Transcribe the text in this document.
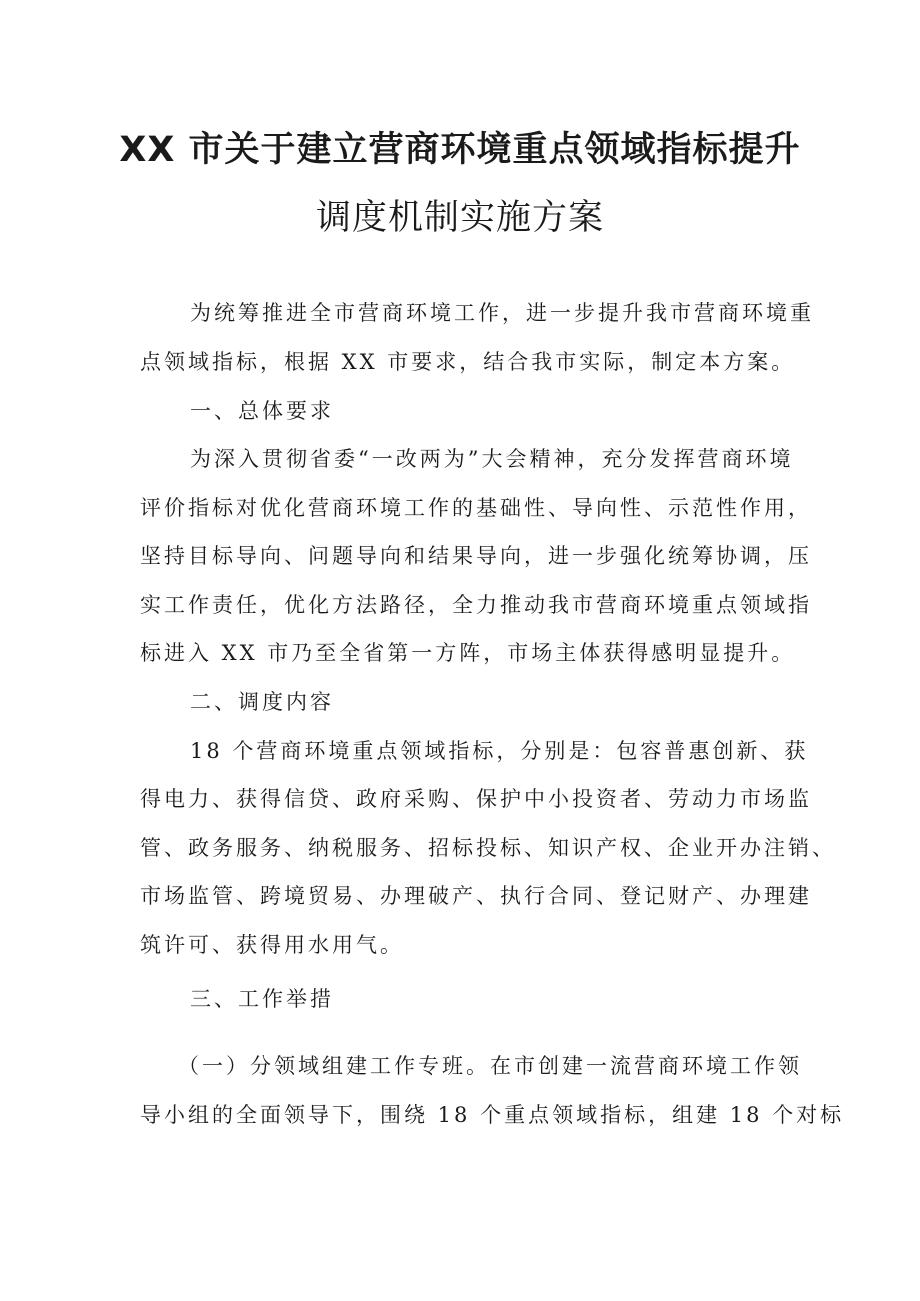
XX 市关于建立营商环境重点领域指标提升
调度机制实施方案

为统筹推进全市营商环境工作，进一步提升我市营商环境重

点领域指标，根据 XX 市要求，结合我市实际，制定本方案。

一、总体要求

为深入贯彻省委“一改两为”大会精神，充分发挥营商环境

评价指标对优化营商环境工作的基础性、导向性、示范性作用，

坚持目标导向、问题导向和结果导向，进一步强化统筹协调，压

实工作责任，优化方法路径，全力推动我市营商环境重点领域指

标进入 XX 市乃至全省第一方阵，市场主体获得感明显提升。

二、调度内容

18 个营商环境重点领域指标，分别是：包容普惠创新、获

得电力、获得信贷、政府采购、保护中小投资者、劳动力市场监

管、政务服务、纳税服务、招标投标、知识产权、企业开办注销、

市场监管、跨境贸易、办理破产、执行合同、登记财产、办理建

筑许可、获得用水用气。

三、工作举措

（一）分领域组建工作专班。在市创建一流营商环境工作领

导小组的全面领导下，围绕 18 个重点领域指标，组建 18 个对标
